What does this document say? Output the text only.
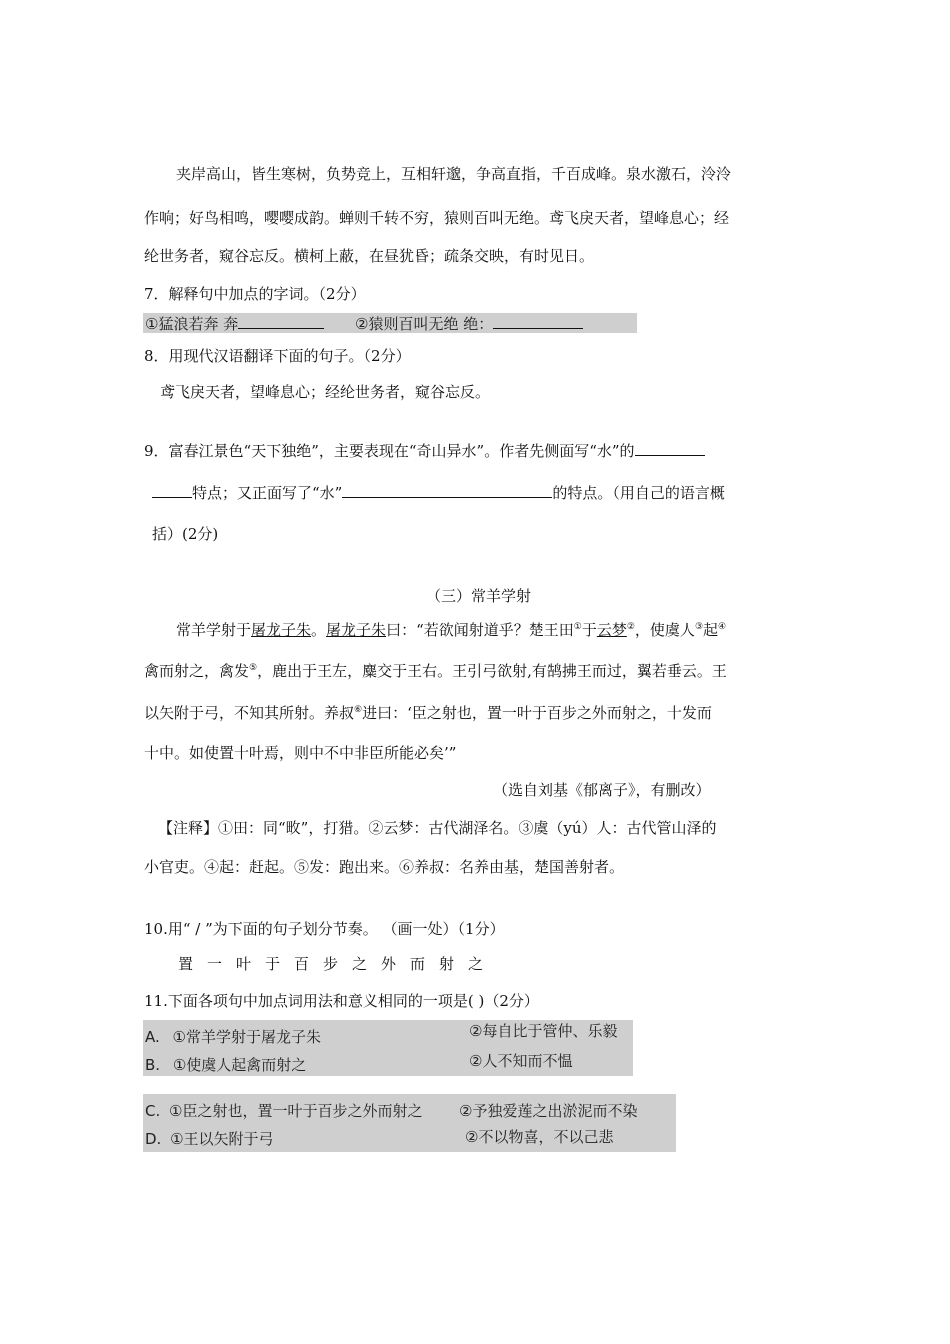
夹岸高山，皆生寒树，负势竞上，互相轩邈，争高直指，千百成峰。泉水激石，泠泠
作响；好鸟相鸣，嘤嘤成韵。蝉则千转不穷，猿则百叫无绝。鸢飞戾天者，望峰息心；经
纶世务者，窥谷忘反。横柯上蔽，在昼犹昏；疏条交映，有时见日。
7．解释句中加点的字词。（2分）
①猛浪若奔 奔	②猿则百叫无绝 绝：
8．用现代汉语翻译下面的句子。（2分）
鸢飞戾天者，望峰息心；经纶世务者，窥谷忘反。
9．富春江景色“天下独绝”，主要表现在“奇山异水”。作者先侧面写“水”的
特点；又正面写了“水”	的特点。（用自己的语言概
括）(2分)
（三）常羊学射
常羊学射于屠龙子朱。屠龙子朱曰：“若欲闻射道乎？楚王田①于云梦②，使虞人③起④
禽而射之，禽发⑤，鹿出于王左，麋交于王右。王引弓欲射,有鹄拂王而过，翼若垂云。王
以矢附于弓，不知其所射。养叔⑥进曰：‘臣之射也，置一叶于百步之外而射之，十发而
十中。如使置十叶焉，则中不中非臣所能必矣’”
（选自刘基《郁离子》，有删改）
【注释】①田：同“畋”，打猎。②云梦：古代湖泽名。③虞（yú）人：古代管山泽的
小官吏。④起：赶起。⑤发：跑出来。⑥养叔：名养由基，楚国善射者。
10.用“ / ”为下面的句子划分节奏。 （画一处）（1分）
置一叶于百步之外而射之
11.下面各项句中加点词用法和意义相同的一项是( )（2分）
A. ①常羊学射于屠龙子朱	②每自比于管仲、乐毅
B. ①使虞人起禽而射之	②人不知而不愠
C. ①臣之射也，置一叶于百步之外而射之 ②予独爱莲之出淤泥而不染
D. ①王以矢附于弓	②不以物喜，不以己悲
